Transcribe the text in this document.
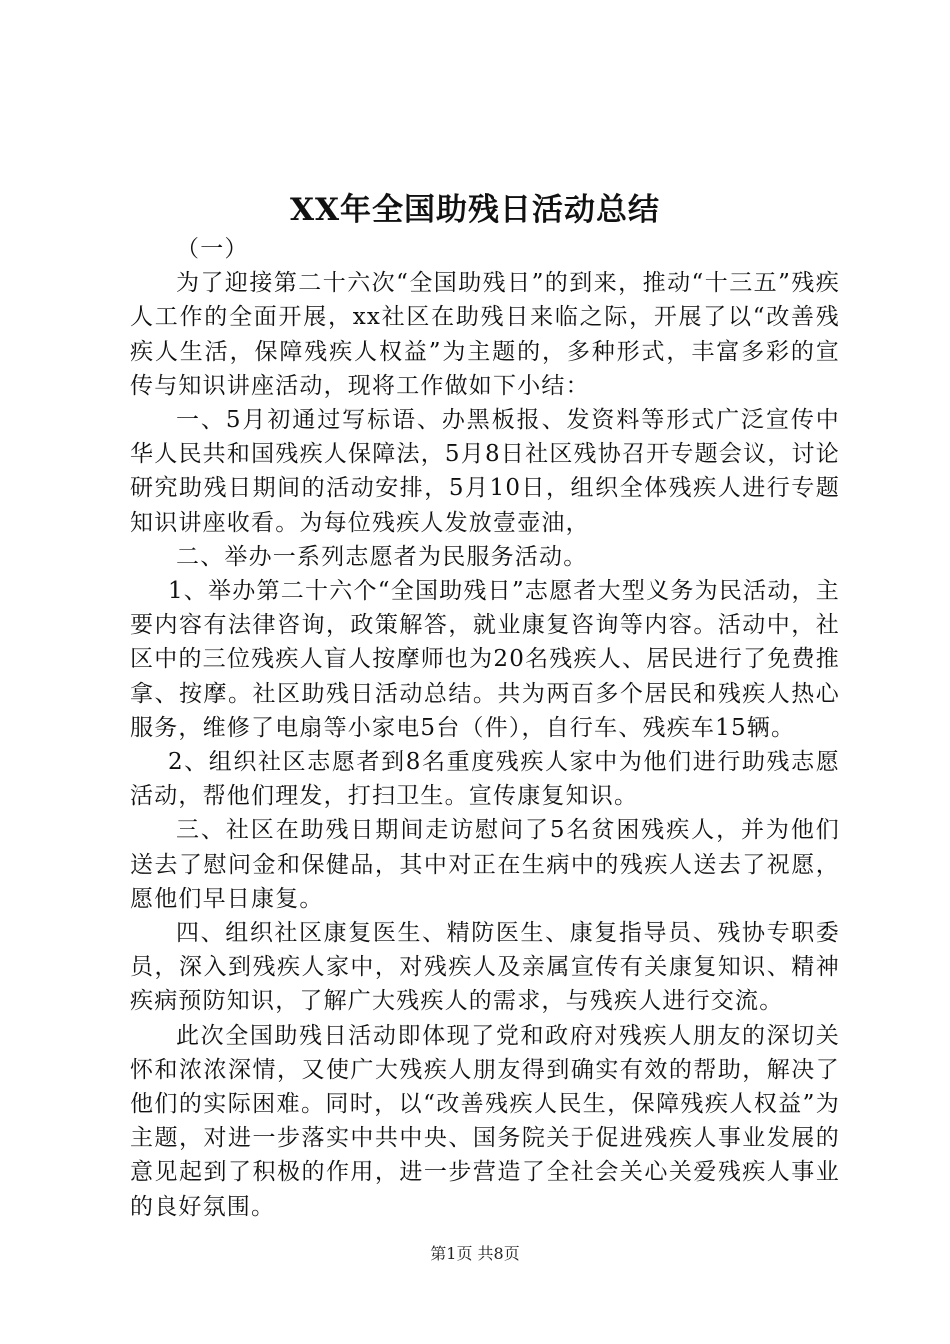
XX年全国助残日活动总结

（一）

为了迎接第二十六次“全国助残日”的到来，推动“十三五”残疾人工作的全面开展，xx社区在助残日来临之际，开展了以“改善残疾人生活，保障残疾人权益”为主题的，多种形式，丰富多彩的宣传与知识讲座活动，现将工作做如下小结：

一、5月初通过写标语、办黑板报、发资料等形式广泛宣传中华人民共和国残疾人保障法，5月8日社区残协召开专题会议，讨论研究助残日期间的活动安排，5月10日，组织全体残疾人进行专题知识讲座收看。为每位残疾人发放壹壶油，

二、举办一系列志愿者为民服务活动。

1、举办第二十六个“全国助残日”志愿者大型义务为民活动，主要内容有法律咨询，政策解答，就业康复咨询等内容。活动中，社区中的三位残疾人盲人按摩师也为20名残疾人、居民进行了免费推拿、按摩。社区助残日活动总结。共为两百多个居民和残疾人热心服务，维修了电扇等小家电5台（件），自行车、残疾车15辆。

2、组织社区志愿者到8名重度残疾人家中为他们进行助残志愿活动，帮他们理发，打扫卫生。宣传康复知识。

三、社区在助残日期间走访慰问了5名贫困残疾人，并为他们送去了慰问金和保健品，其中对正在生病中的残疾人送去了祝愿，愿他们早日康复。

四、组织社区康复医生、精防医生、康复指导员、残协专职委员，深入到残疾人家中，对残疾人及亲属宣传有关康复知识、精神疾病预防知识，了解广大残疾人的需求，与残疾人进行交流。

此次全国助残日活动即体现了党和政府对残疾人朋友的深切关怀和浓浓深情，又使广大残疾人朋友得到确实有效的帮助，解决了他们的实际困难。同时，以“改善残疾人民生，保障残疾人权益”为主题，对进一步落实中共中央、国务院关于促进残疾人事业发展的意见起到了积极的作用，进一步营造了全社会关心关爱残疾人事业的良好氛围。

第1页 共8页
